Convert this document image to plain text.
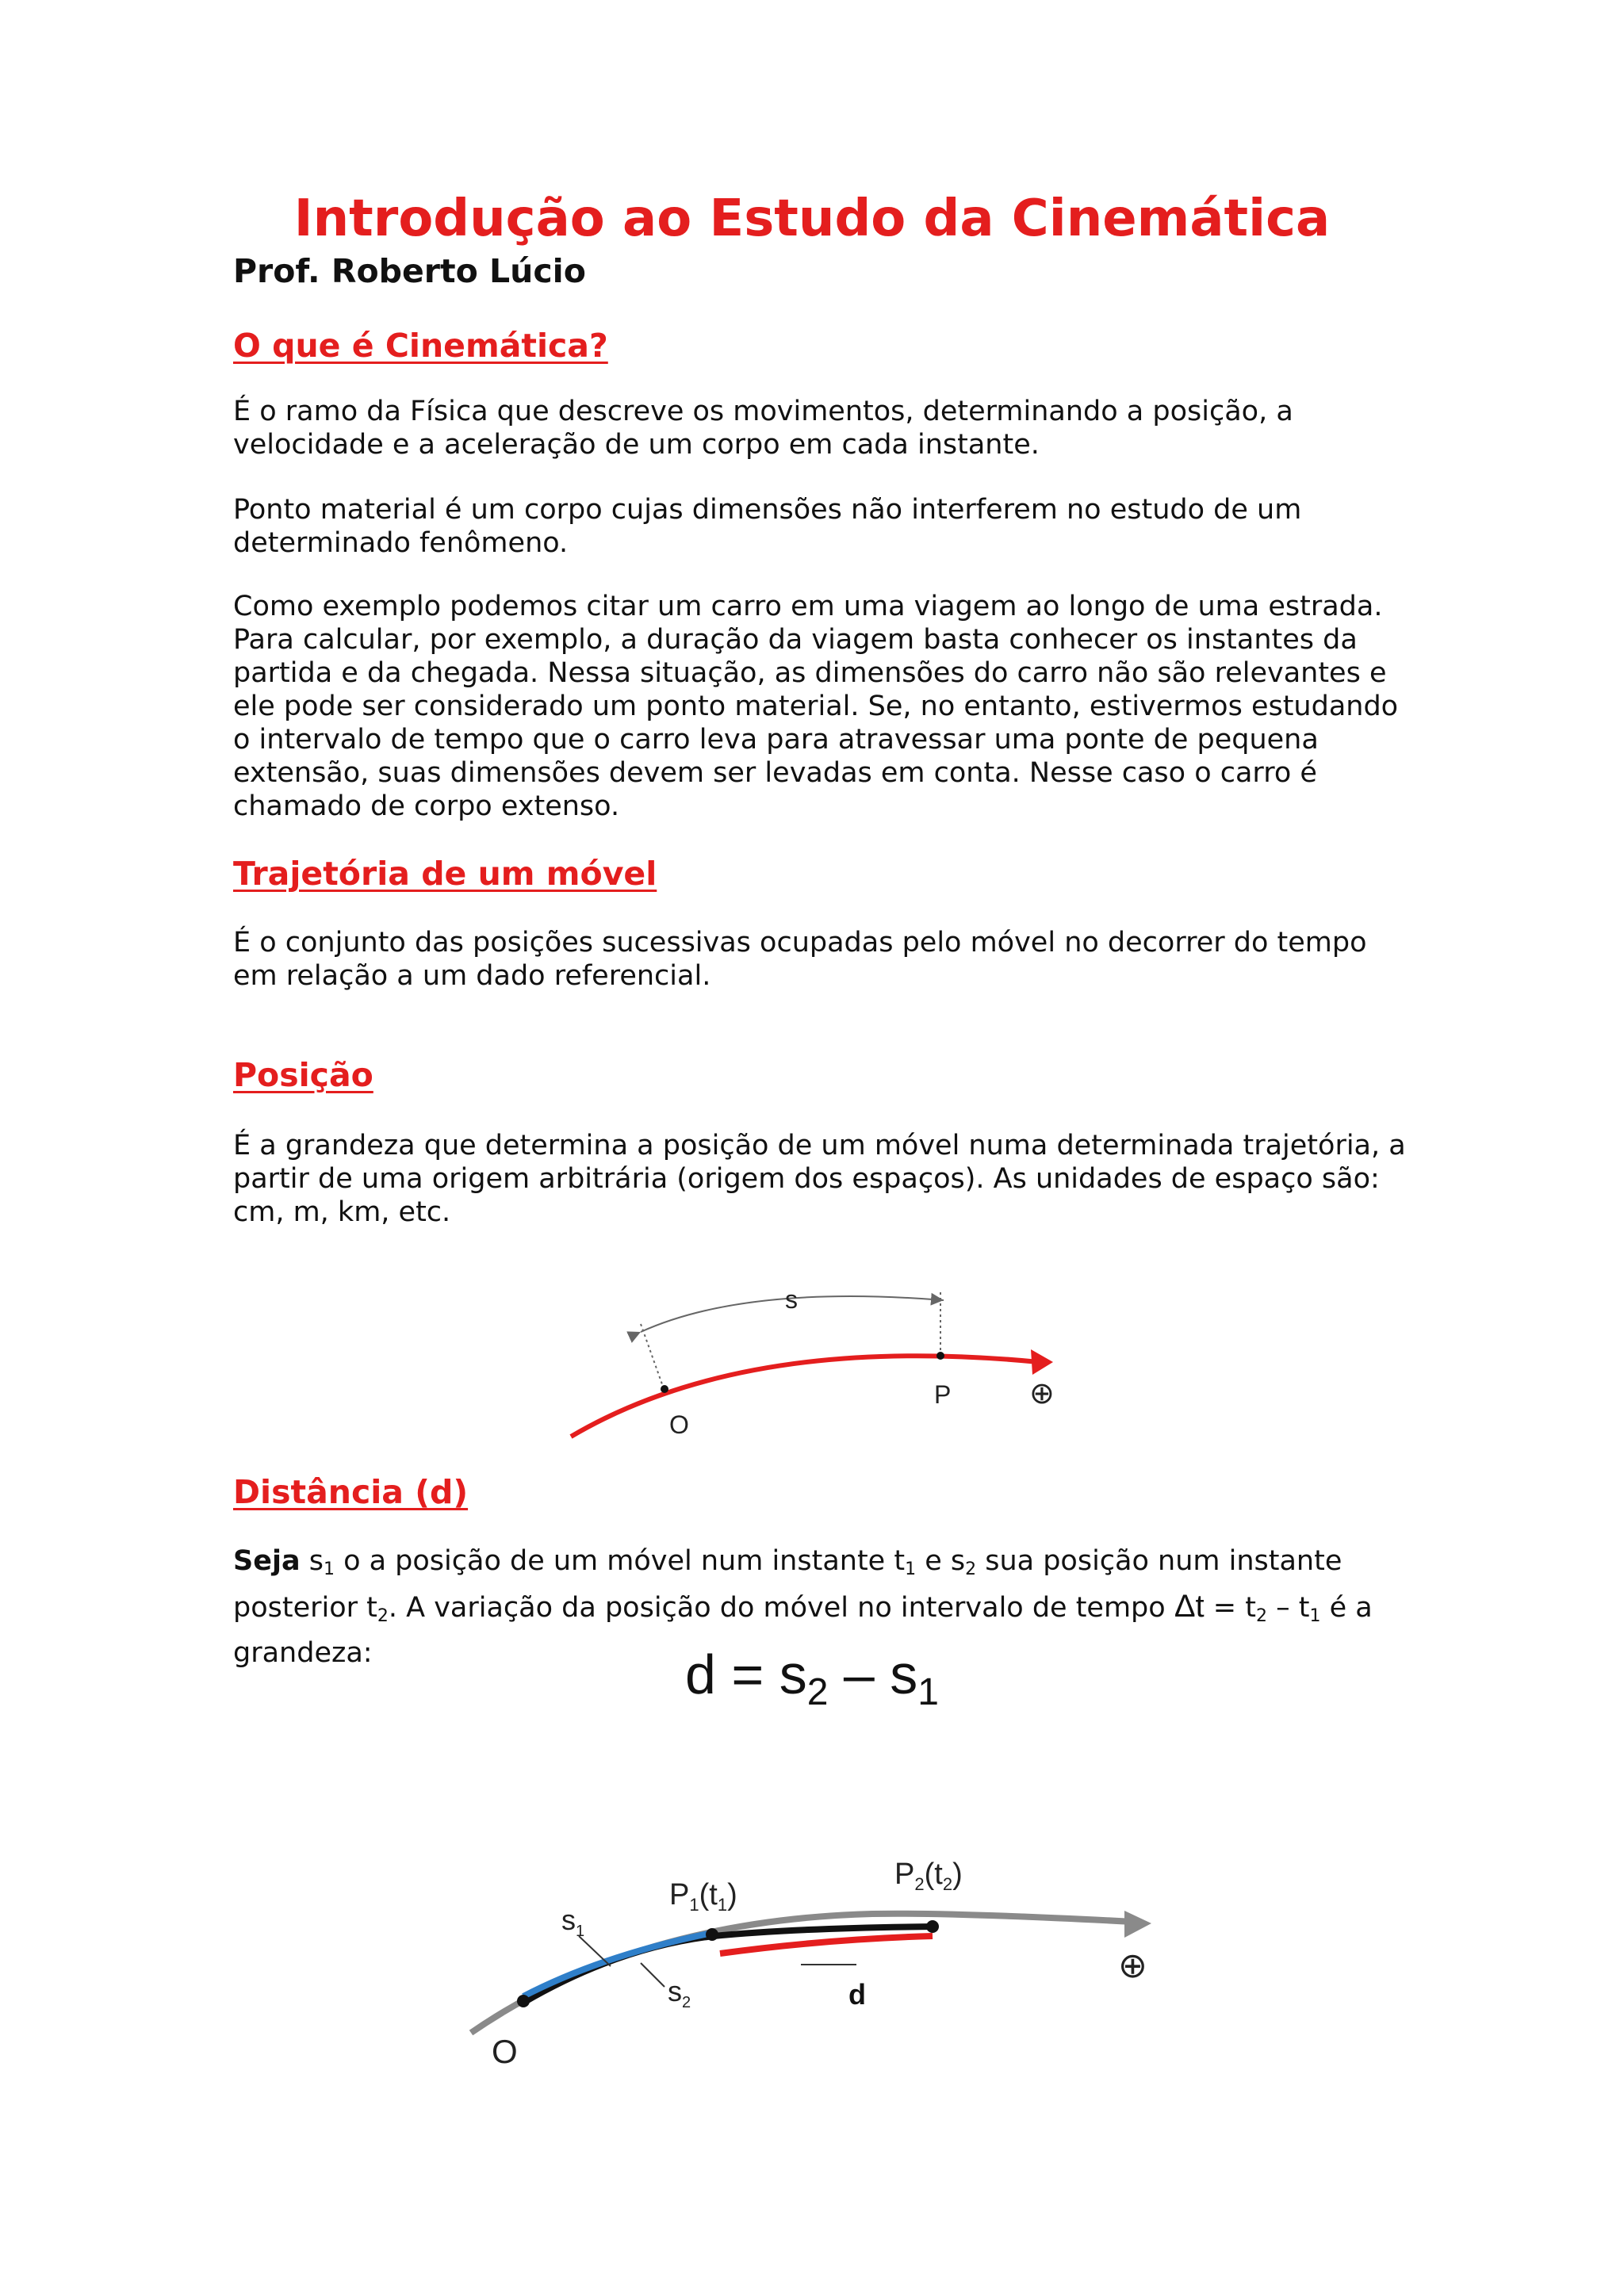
Introdução ao Estudo da Cinemática
Prof. Roberto Lúcio
O que é Cinemática?

É o ramo da Física que descreve os movimentos, determinando a posição, a

velocidade e a aceleração de um corpo em cada instante.

Ponto material é um corpo cujas dimensões não interferem no estudo de um

determinado fenômeno.

Como exemplo podemos citar um carro em uma viagem ao longo de uma estrada.

Para calcular, por exemplo, a duração da viagem basta conhecer os instantes da

partida e da chegada. Nessa situação, as dimensões do carro não são relevantes e

ele pode ser considerado um ponto material. Se, no entanto, estivermos estudando

o intervalo de tempo que o carro leva para atravessar uma ponte de pequena

extensão, suas dimensões devem ser levadas em conta. Nesse caso o carro é

chamado de corpo extenso.

Trajetória de um móvel

É o conjunto das posições sucessivas ocupadas pelo móvel no decorrer do tempo

em relação a um dado referencial.

Posição

É a grandeza que determina a posição de um móvel numa determinada trajetória, a

partir de uma origem arbitrária (origem dos espaços). As unidades de espaço são:

cm, m, km, etc.

s
O
P	⊕
Distância (d)

Seja $s_1$ o a posição de um móvel num instante $t_1$ e $s_2$ sua posição num instante

posterior $t_2$. A variação da posição do móvel no intervalo de tempo $\Delta t = t_2 - t_1$ é a

grandeza:	$d = s_2 - s_1$
$P_1(t_1)$
$P_2(t_2)$
$s_1$
$s_2$	d
O
⊕
